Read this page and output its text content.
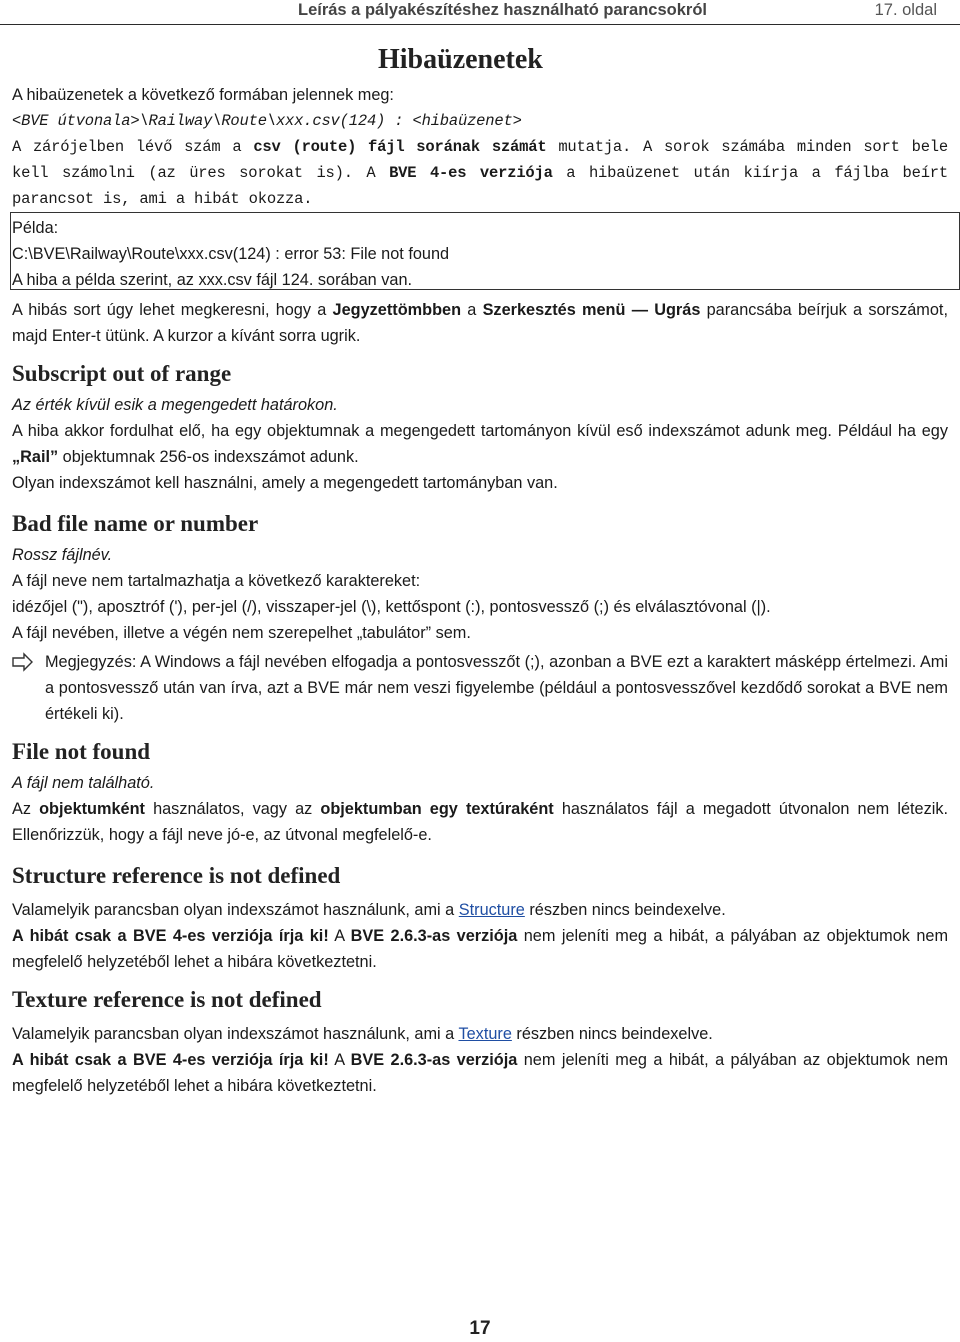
Leírás a pályakészítéshez használható parancsokról	17. oldal
Hibaüzenetek

A hibaüzenetek a következő formában jelennek meg:

<BVE útvonala>\Railway\Route\xxx.csv(124) : <hibaüzenet>

A zárójelben lévő szám a csv (route) fájl sorának számát mutatja. A sorok számába minden sort bele kell számolni (az üres sorokat is). A BVE 4-es verziója a hibaüzenet után kiírja a fájlba beírt parancsot is, ami a hibát okozza.

Példa:

C:\BVE\Railway\Route\xxx.csv(124) : error 53: File not found

A hiba a példa szerint, az xxx.csv fájl 124. sorában van.

A hibás sort úgy lehet megkeresni, hogy a Jegyzettömbben a Szerkesztés menü — Ugrás parancsába beírjuk a sorszámot, majd Enter-t ütünk. A kurzor a kívánt sorra ugrik.

Subscript out of range

Az érték kívül esik a megengedett határokon.

A hiba akkor fordulhat elő, ha egy objektumnak a megengedett tartományon kívül eső indexszámot adunk meg. Például ha egy „Rail” objektumnak 256-os indexszámot adunk.

Olyan indexszámot kell használni, amely a megengedett tartományban van.

Bad file name or number

Rossz fájlnév.

A fájl neve nem tartalmazhatja a következő karaktereket:

idézőjel ("), aposztróf ('), per-jel (/), visszaper-jel (\), kettőspont (:), pontosvessző (;) és elválasztóvonal (|).

A fájl nevében, illetve a végén nem szerepelhet „tabulátor” sem.

Megjegyzés: A Windows a fájl nevében elfogadja a pontosvesszőt (;), azonban a BVE ezt a karaktert másképp értelmezi. Ami a pontosvessző után van írva, azt a BVE már nem veszi figyelembe (például a pontosvesszővel kezdődő sorokat a BVE nem értékeli ki).

File not found

A fájl nem található.

Az objektumként használatos, vagy az objektumban egy textúraként használatos fájl a megadott útvonalon nem létezik. Ellenőrizzük, hogy a fájl neve jó-e, az útvonal megfelelő-e.

Structure reference is not defined

Valamelyik parancsban olyan indexszámot használunk, ami a Structure részben nincs beindexelve.

A hibát csak a BVE 4-es verziója írja ki! A BVE 2.6.3-as verziója nem jeleníti meg a hibát, a pályában az objektumok nem megfelelő helyzetéből lehet a hibára következtetni.

Texture reference is not defined

Valamelyik parancsban olyan indexszámot használunk, ami a Texture részben nincs beindexelve.

A hibát csak a BVE 4-es verziója írja ki! A BVE 2.6.3-as verziója nem jeleníti meg a hibát, a pályában az objektumok nem megfelelő helyzetéből lehet a hibára következtetni.

17
